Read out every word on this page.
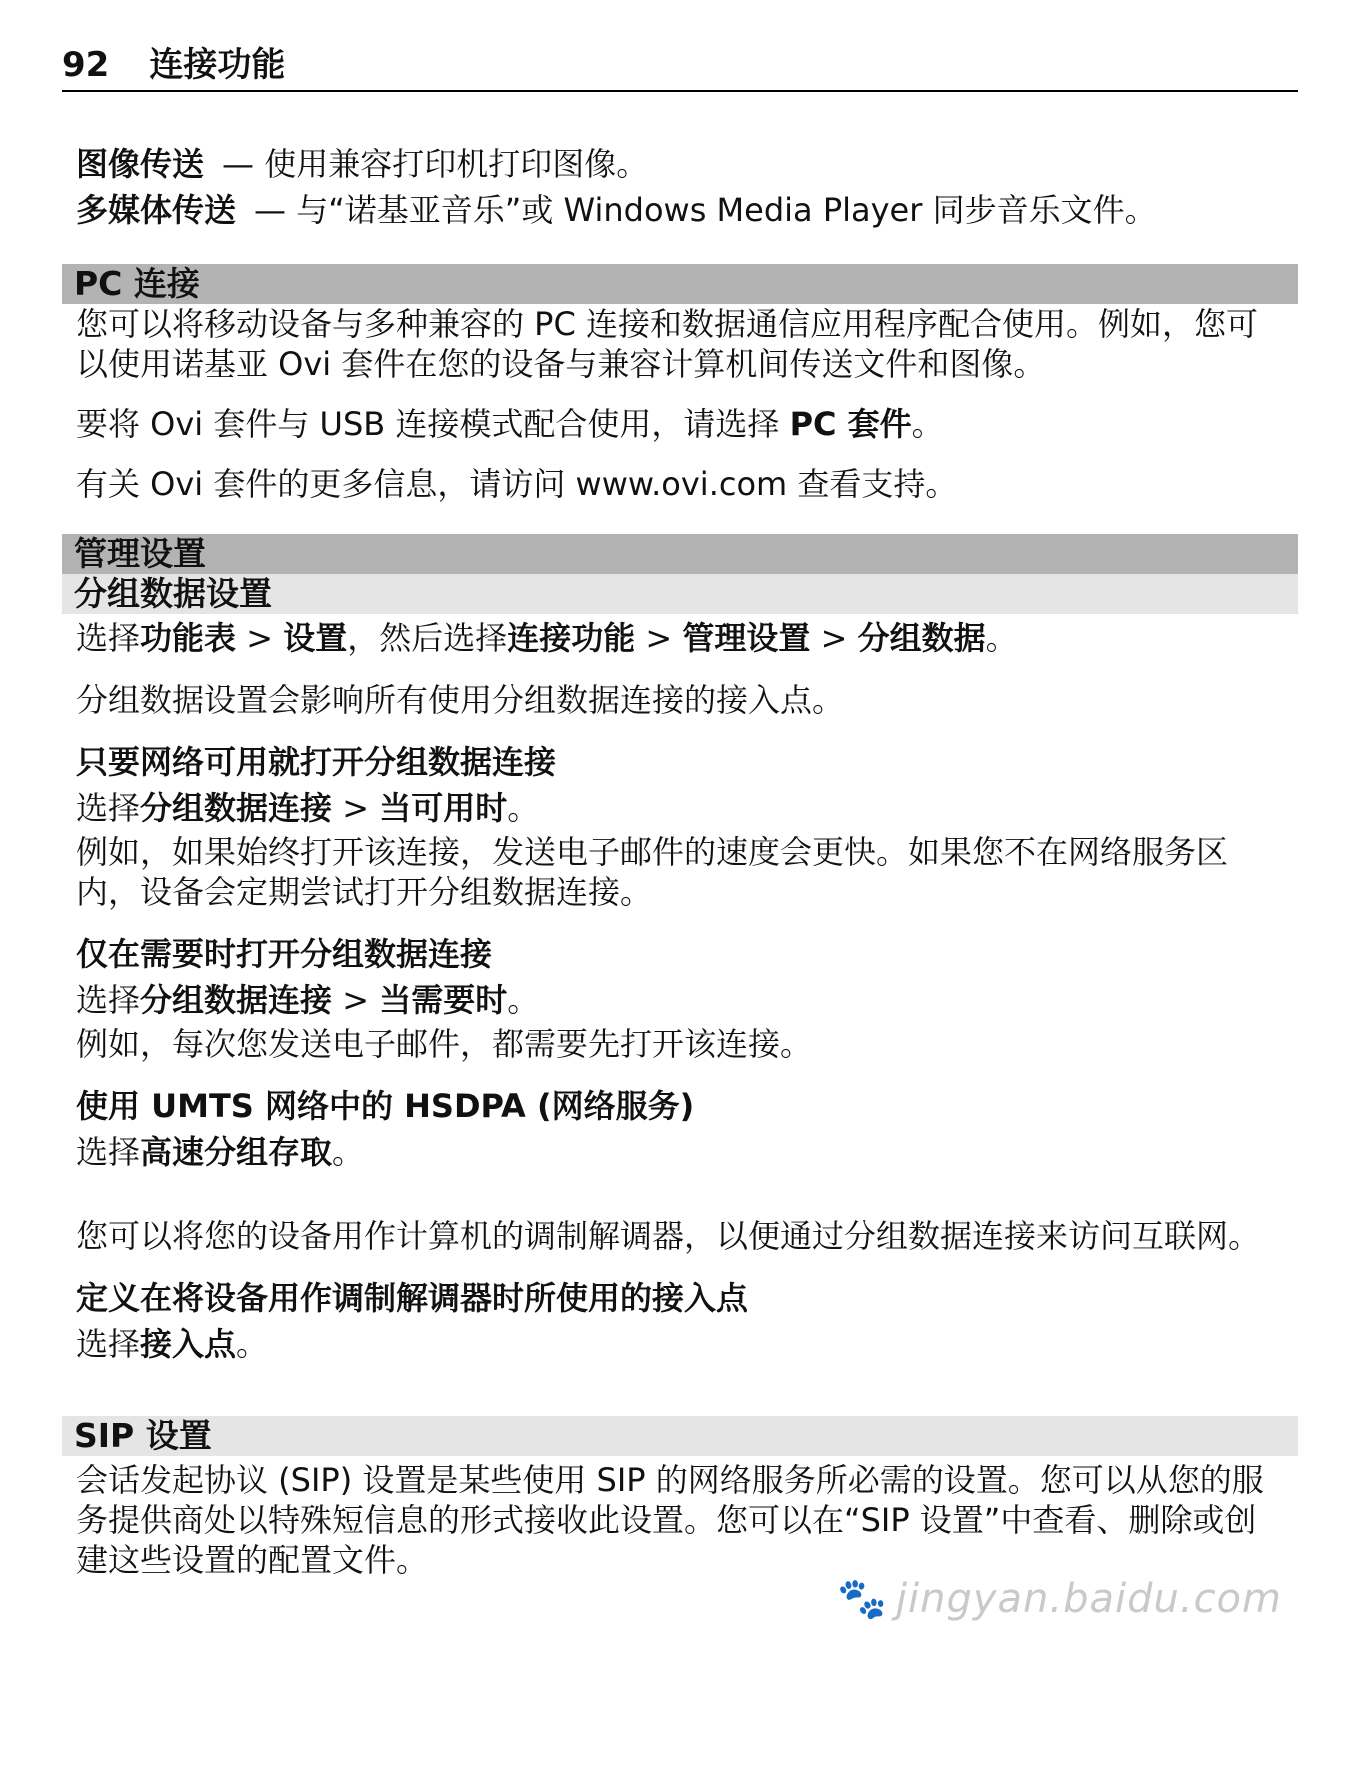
92 连接功能
图像传送 — 使用兼容打印机打印图像。
多媒体传送 — 与“诺基亚音乐”或 Windows Media Player 同步音乐文件。
PC 连接
您可以将移动设备与多种兼容的 PC 连接和数据通信应用程序配合使用。例如，您可以使用诺基亚 Ovi 套件在您的设备与兼容计算机间传送文件和图像。
要将 Ovi 套件与 USB 连接模式配合使用，请选择 PC 套件。
有关 Ovi 套件的更多信息，请访问 www.ovi.com 查看支持。
管理设置
分组数据设置
选择功能表 > 设置，然后选择连接功能 > 管理设置 > 分组数据。
分组数据设置会影响所有使用分组数据连接的接入点。
只要网络可用就打开分组数据连接
选择分组数据连接 > 当可用时。
例如，如果始终打开该连接，发送电子邮件的速度会更快。如果您不在网络服务区内，设备会定期尝试打开分组数据连接。
仅在需要时打开分组数据连接
选择分组数据连接 > 当需要时。
例如，每次您发送电子邮件，都需要先打开该连接。
使用 UMTS 网络中的 HSDPA (网络服务)
选择高速分组存取。
您可以将您的设备用作计算机的调制解调器，以便通过分组数据连接来访问互联网。
定义在将设备用作调制解调器时所使用的接入点
选择接入点。
SIP 设置
会话发起协议 (SIP) 设置是某些使用 SIP 的网络服务所必需的设置。您可以从您的服务提供商处以特殊短信息的形式接收此设置。您可以在“SIP 设置”中查看、删除或创建这些设置的配置文件。
🐾 jingyan.baidu.com
